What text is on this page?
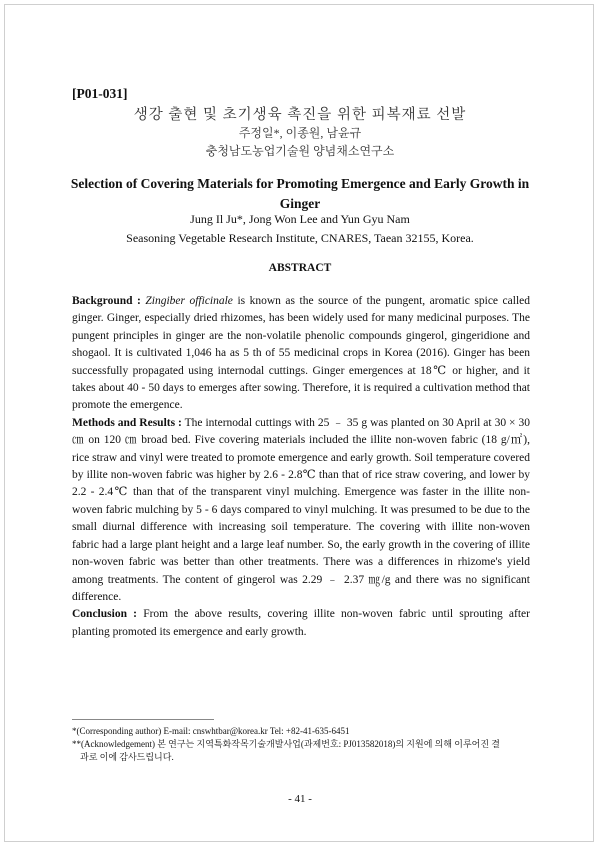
[P01-031]
생강 출현 및 초기생육 촉진을 위한 피복재료 선발
주정일*, 이종원, 남윤규
충청남도농업기술원 양념채소연구소
Selection of Covering Materials for Promoting Emergence and Early Growth in Ginger
Jung Il Ju*, Jong Won Lee and Yun Gyu Nam
Seasoning Vegetable Research Institute, CNARES, Taean 32155, Korea.
ABSTRACT

Background : Zingiber officinale is known as the source of the pungent, aromatic spice called ginger. Ginger, especially dried rhizomes, has been widely used for many medicinal purposes. The pungent principles in ginger are the non-volatile phenolic compounds gingerol, gingeridione and shogaol. It is cultivated 1,046 ha as 5 th of 55 medicinal crops in Korea (2016). Ginger has been successfully propagated using internodal cuttings. Ginger emergences at 18℃ or higher, and it takes about 40 - 50 days to emerges after sowing. Therefore, it is required a cultivation method that promote the emergence.

Methods and Results : The internodal cuttings with 25 ﹣ 35 g was planted on 30 April at 30 × 30 ㎝ on 120 ㎝ broad bed. Five covering materials included the illite non-woven fabric (18 g/㎡), rice straw and vinyl were treated to promote emergence and early growth. Soil temperature covered by illite non-woven fabric was higher by 2.6 - 2.8℃ than that of rice straw covering, and lower by 2.2 - 2.4℃ than that of the transparent vinyl mulching. Emergence was faster in the illite non-woven fabric mulching by 5 - 6 days compared to vinyl mulching. It was presumed to be due to the small diurnal difference with increasing soil temperature. The covering with illite non-woven fabric had a large plant height and a large leaf number. So, the early growth in the covering of illite non-woven fabric was better than other treatments. There was a differences in rhizome's yield among treatments. The content of gingerol was 2.29 ﹣ 2.37 ㎎/g and there was no significant difference.

Conclusion : From the above results, covering illite non-woven fabric until sprouting after planting promoted its emergence and early growth.

*(Corresponding author) E-mail: cnswhtbar@korea.kr Tel: +82-41-635-6451
**(Acknowledgement) 본 연구는 지역특화작목기술개발사업(과제번호: PJ013582018)의 지원에 의해 이루어진 결
과로 이에 감사드립니다.
- 41 -
